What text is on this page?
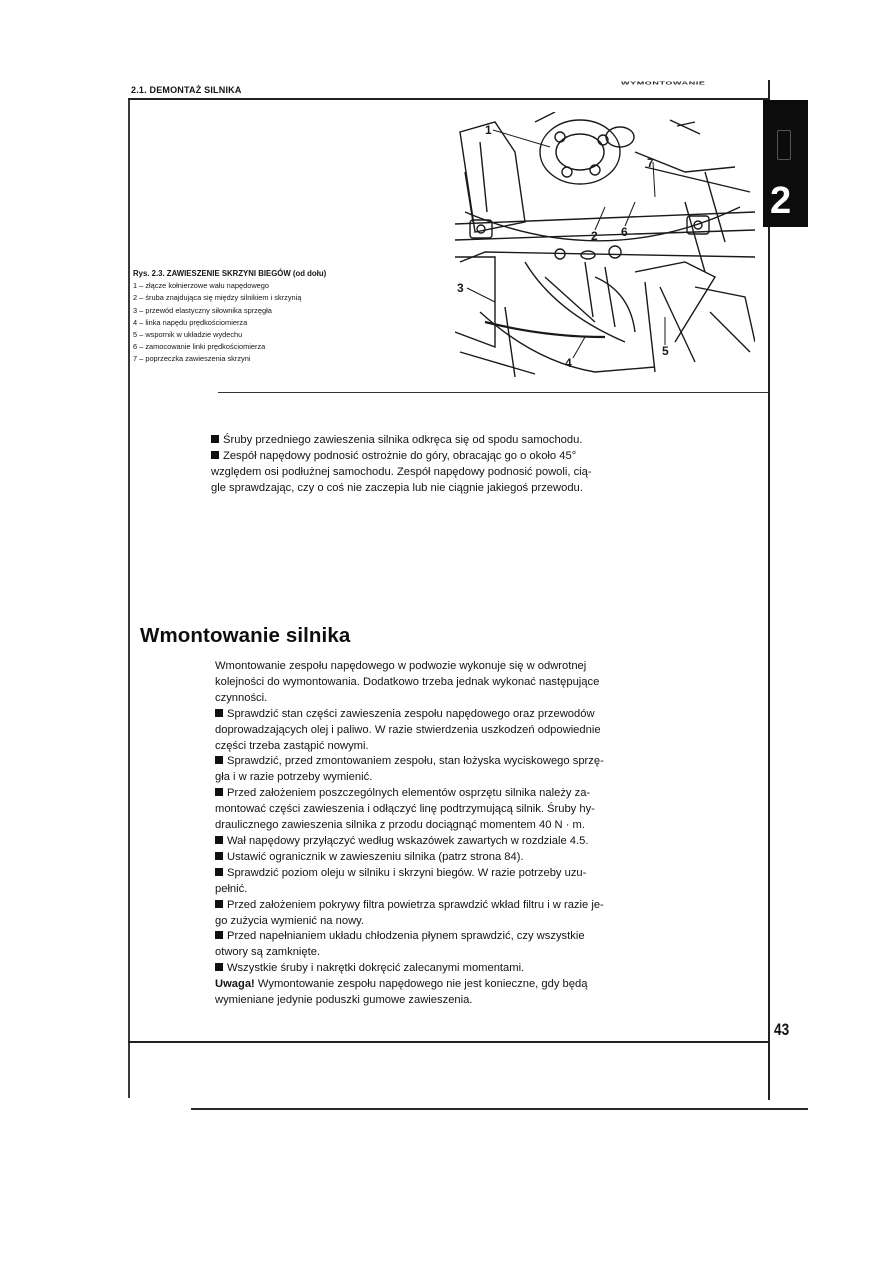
2.1. DEMONTAŻ SILNIKA
WYMONTOWANIE
2
1
2 6
7
3
4
5
Rys. 2.3. ZAWIESZENIE SKRZYNI BIEGÓW (od dołu)
1 – złącze kołnierzowe wału napędowego
2 – śruba znajdująca się między silnikiem i skrzynią
3 – przewód elastyczny siłownika sprzęgła
4 – linka napędu prędkościomierza
5 – wspornik w układzie wydechu
6 – zamocowanie linki prędkościomierza
7 – poprzeczka zawieszenia skrzyni
Śruby przedniego zawieszenia silnika odkręca się od spodu samochodu.
Zespół napędowy podnosić ostrożnie do góry, obracając go o około 45°
względem osi podłużnej samochodu. Zespół napędowy podnosić powoli, cią-
gle sprawdzając, czy o coś nie zaczepia lub nie ciągnie jakiegoś przewodu.
Wmontowanie silnika
Wmontowanie zespołu napędowego w podwozie wykonuje się w odwrotnej
kolejności do wymontowania. Dodatkowo trzeba jednak wykonać następujące
czynności.
Sprawdzić stan części zawieszenia zespołu napędowego oraz przewodów
doprowadzających olej i paliwo. W razie stwierdzenia uszkodzeń odpowiednie
części trzeba zastąpić nowymi.
Sprawdzić, przed zmontowaniem zespołu, stan łożyska wyciskowego sprzę-
gła i w razie potrzeby wymienić.
Przed założeniem poszczególnych elementów osprzętu silnika należy za-
montować części zawieszenia i odłączyć linę podtrzymującą silnik. Śruby hy-
draulicznego zawieszenia silnika z przodu dociągnąć momentem 40 N · m.
Wał napędowy przyłączyć według wskazówek zawartych w rozdziale 4.5.
Ustawić ogranicznik w zawieszeniu silnika (patrz strona 84).
Sprawdzić poziom oleju w silniku i skrzyni biegów. W razie potrzeby uzu-
pełnić.
Przed założeniem pokrywy filtra powietrza sprawdzić wkład filtru i w razie je-
go zużycia wymienić na nowy.
Przed napełnianiem układu chłodzenia płynem sprawdzić, czy wszystkie
otwory są zamknięte.
Wszystkie śruby i nakrętki dokręcić zalecanymi momentami.
Uwaga! Wymontowanie zespołu napędowego nie jest konieczne, gdy będą
wymieniane jedynie poduszki gumowe zawieszenia.
43
